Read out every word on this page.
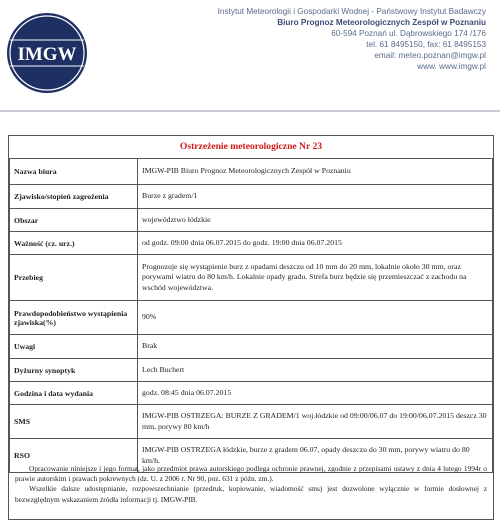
IMGW
Instytut Meteorologii i Gospodarki Wodnej - Państwowy Instytut Badawczy
Biuro Prognoz Meteorologicznych Zespół w Poznaniu
60-594 Poznań ul. Dąbrowskiego 174 /176
tel. 61 8495150, fax: 61 8495153
email: meteo.poznan@imgw.pl
www. www.imgw.pl
Ostrzeżenie meteorologiczne Nr 23
Nazwa biura	IMGW-PIB Biuro Prognoz Meteorologicznych Zespół w Poznaniu
Zjawisko/stopień zagrożenia	Burze z gradem/1
Obszar	województwo łódzkie
Ważność (cz. urz.)	od godz. 09:00 dnia 06.07.2015 do godz. 19:00 dnia 06.07.2015
Przebieg	Prognozuje się wystąpienie burz z opadami deszczu od 10 mm do 20 mm, lokalnie około 30 mm, oraz porywami wiatru do 80 km/h. Lokalnie opady gradu. Strefa burz będzie się przemieszczać z zachodu na wschód województwa.
Prawdopodobieństwo wystąpienia zjawiska(%)	90%
Uwagi	Brak
Dyżurny synoptyk	Lech Buchert
Godzina i data wydania	godz. 08:45 dnia 06.07.2015
SMS	IMGW-PIB OSTRZEGA: BURZE Z GRADEM/1 woj.łódzkie od 09:00/06.07 do 19:00/06.07.2015 deszcz 30 mm, porywy 80 km/h
RSO	IMGW-PIB OSTRZEGA łódzkie, burze z gradem 06.07, opady deszczu do 30 mm, porywy wiatru do 80 km/h.

Opracowanie niniejsze i jego format, jako przedmiot prawa autorskiego podlega ochronie prawnej, zgodnie z przepisami ustawy z dnia 4 lutego 1994r o prawie autorskim i prawach pokrewnych (dz. U. z 2006 r. Nr 90, poz. 631 z późn. zm.).

Wszelkie dalsze udostępnianie, rozpowszechnianie (przedruk, kopiowanie, wiadomość sms) jest dozwolone wyłącznie w formie dosłownej z bezwzględnym wskazaniem źródła informacji tj. IMGW-PIB.
